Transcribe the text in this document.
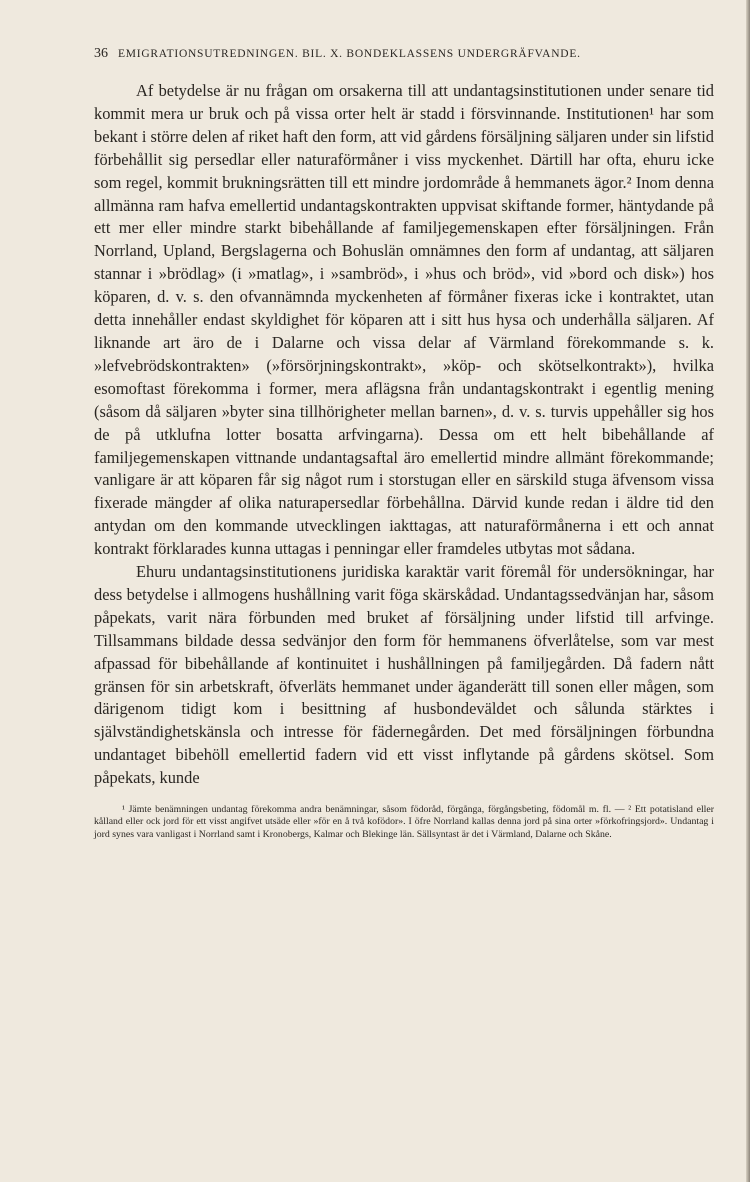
36 EMIGRATIONSUTREDNINGEN. BIL. X. BONDEKLASSENS UNDERGRÄFVANDE.

Af betydelse är nu frågan om orsakerna till att undantagsinstitutionen under senare tid kommit mera ur bruk och på vissa orter helt är stadd i försvinnande. Institutionen¹ har som bekant i större delen af riket haft den form, att vid gårdens försäljning säljaren under sin lifstid förbehållit sig persedlar eller naturaförmåner i viss myckenhet. Därtill har ofta, ehuru icke som regel, kommit brukningsrätten till ett mindre jordområde å hemmanets ägor.² Inom denna allmänna ram hafva emellertid undantagskontrakten uppvisat skiftande former, häntydande på ett mer eller mindre starkt bibehållande af familjegemenskapen efter försäljningen. Från Norrland, Upland, Bergslagerna och Bohuslän omnämnes den form af undantag, att säljaren stannar i »brödlag» (i »matlag», i »sambröd», i »hus och bröd», vid »bord och disk») hos köparen, d. v. s. den ofvannämnda myckenheten af förmåner fixeras icke i kontraktet, utan detta innehåller endast skyldighet för köparen att i sitt hus hysa och underhålla säljaren. Af liknande art äro de i Dalarne och vissa delar af Värmland förekommande s. k. »lefvebrödskontrakten» (»försörjningskontrakt», »köp- och skötselkontrakt»), hvilka esomoftast förekomma i former, mera aflägsna från undantagskontrakt i egentlig mening (såsom då säljaren »byter sina tillhörigheter mellan barnen», d. v. s. turvis uppehåller sig hos de på utklufna lotter bosatta arfvingarna). Dessa om ett helt bibehållande af familjegemenskapen vittnande undantagsaftal äro emellertid mindre allmänt förekommande; vanligare är att köparen får sig något rum i storstugan eller en särskild stuga äfvensom vissa fixerade mängder af olika naturapersedlar förbehållna. Därvid kunde redan i äldre tid den antydan om den kommande utvecklingen iakttagas, att naturaförmånerna i ett och annat kontrakt förklarades kunna uttagas i penningar eller framdeles utbytas mot sådana.

Ehuru undantagsinstitutionens juridiska karaktär varit föremål för undersökningar, har dess betydelse i allmogens hushållning varit föga skärskådad. Undantagssedvänjan har, såsom påpekats, varit nära förbunden med bruket af försäljning under lifstid till arfvinge. Tillsammans bildade dessa sedvänjor den form för hemmanens öfverlåtelse, som var mest afpassad för bibehållande af kontinuitet i hushållningen på familjegården. Då fadern nått gränsen för sin arbetskraft, öfverläts hemmanet under äganderätt till sonen eller mågen, som därigenom tidigt kom i besittning af husbondeväldet och sålunda stärktes i självständighetskänsla och intresse för fädernegården. Det med försäljningen förbundna undantaget bibehöll emellertid fadern vid ett visst inflytande på gårdens skötsel. Som påpekats, kunde

¹ Jämte benämningen undantag förekomma andra benämningar, såsom födoråd, förgånga, förgångsbeting, födomål m. fl. — ² Ett potatisland eller kålland eller ock jord för ett visst angifvet utsäde eller »för en å två kofödor». I öfre Norrland kallas denna jord på sina orter »förkofringsjord». Undantag i jord synes vara vanligast i Norrland samt i Kronobergs, Kalmar och Blekinge län. Sällsyntast är det i Värmland, Dalarne och Skåne.
